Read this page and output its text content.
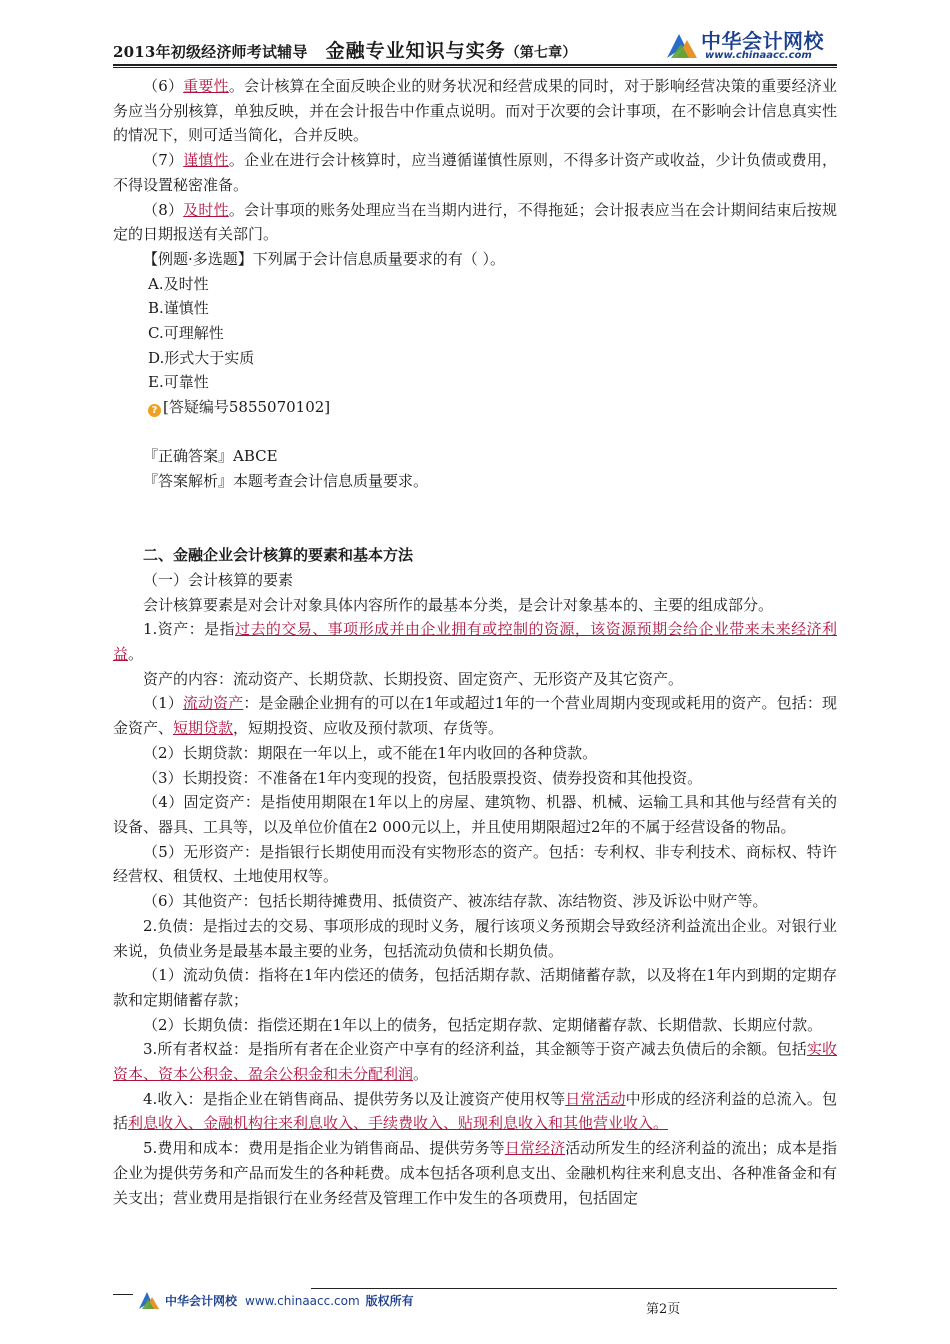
2013年初级经济师考试辅导 金融专业知识与实务（第七章）	中华会计网校
www.chinaacc.com

（6）重要性。会计核算在全面反映企业的财务状况和经营成果的同时，对于影响经营决策的重要经济业务应当分别核算，单独反映，并在会计报告中作重点说明。而对于次要的会计事项，在不影响会计信息真实性的情况下，则可适当简化，合并反映。

（7）谨慎性。企业在进行会计核算时，应当遵循谨慎性原则，不得多计资产或收益，少计负债或费用，不得设置秘密准备。

（8）及时性。会计事项的账务处理应当在当期内进行，不得拖延；会计报表应当在会计期间结束后按规定的日期报送有关部门。

【例题·多选题】下列属于会计信息质量要求的有（ ）。

A.及时性

B.谨慎性

C.可理解性

D.形式大于实质

E.可靠性

? [答疑编号5855070102]

『正确答案』ABCE

『答案解析』本题考查会计信息质量要求。

二、金融企业会计核算的要素和基本方法

（一）会计核算的要素

会计核算要素是对会计对象具体内容所作的最基本分类，是会计对象基本的、主要的组成部分。

1.资产：是指过去的交易、事项形成并由企业拥有或控制的资源，该资源预期会给企业带来未来经济利益。

资产的内容：流动资产、长期贷款、长期投资、固定资产、无形资产及其它资产。

（1）流动资产：是金融企业拥有的可以在1年或超过1年的一个营业周期内变现或耗用的资产。包括：现金资产、短期贷款，短期投资、应收及预付款项、存货等。

（2）长期贷款：期限在一年以上，或不能在1年内收回的各种贷款。

（3）长期投资：不准备在1年内变现的投资，包括股票投资、债券投资和其他投资。

（4）固定资产：是指使用期限在1年以上的房屋、建筑物、机器、机械、运输工具和其他与经营有关的设备、器具、工具等，以及单位价值在2 000元以上，并且使用期限超过2年的不属于经营设备的物品。

（5）无形资产：是指银行长期使用而没有实物形态的资产。包括：专利权、非专利技术、商标权、特许经营权、租赁权、土地使用权等。

（6）其他资产：包括长期待摊费用、抵债资产、被冻结存款、冻结物资、涉及诉讼中财产等。

2.负债：是指过去的交易、事项形成的现时义务，履行该项义务预期会导致经济利益流出企业。对银行业来说，负债业务是最基本最主要的业务，包括流动负债和长期负债。

（1）流动负债：指将在1年内偿还的债务，包括活期存款、活期储蓄存款，以及将在1年内到期的定期存款和定期储蓄存款；

（2）长期负债：指偿还期在1年以上的债务，包括定期存款、定期储蓄存款、长期借款、长期应付款。

3.所有者权益：是指所有者在企业资产中享有的经济利益，其金额等于资产减去负债后的余额。包括实收资本、资本公积金、盈余公积金和未分配利润。

4.收入：是指企业在销售商品、提供劳务以及让渡资产使用权等日常活动中形成的经济利益的总流入。包括利息收入、金融机构往来利息收入、手续费收入、贴现利息收入和其他营业收入。

5.费用和成本：费用是指企业为销售商品、提供劳务等日常经济活动所发生的经济利益的流出；成本是指企业为提供劳务和产品而发生的各种耗费。成本包括各项利息支出、金融机构往来利息支出、各种准备金和有关支出；营业费用是指银行在业务经营及管理工作中发生的各项费用，包括固定

中华会计网校 www.chinaacc.com 版权所有
第2页
